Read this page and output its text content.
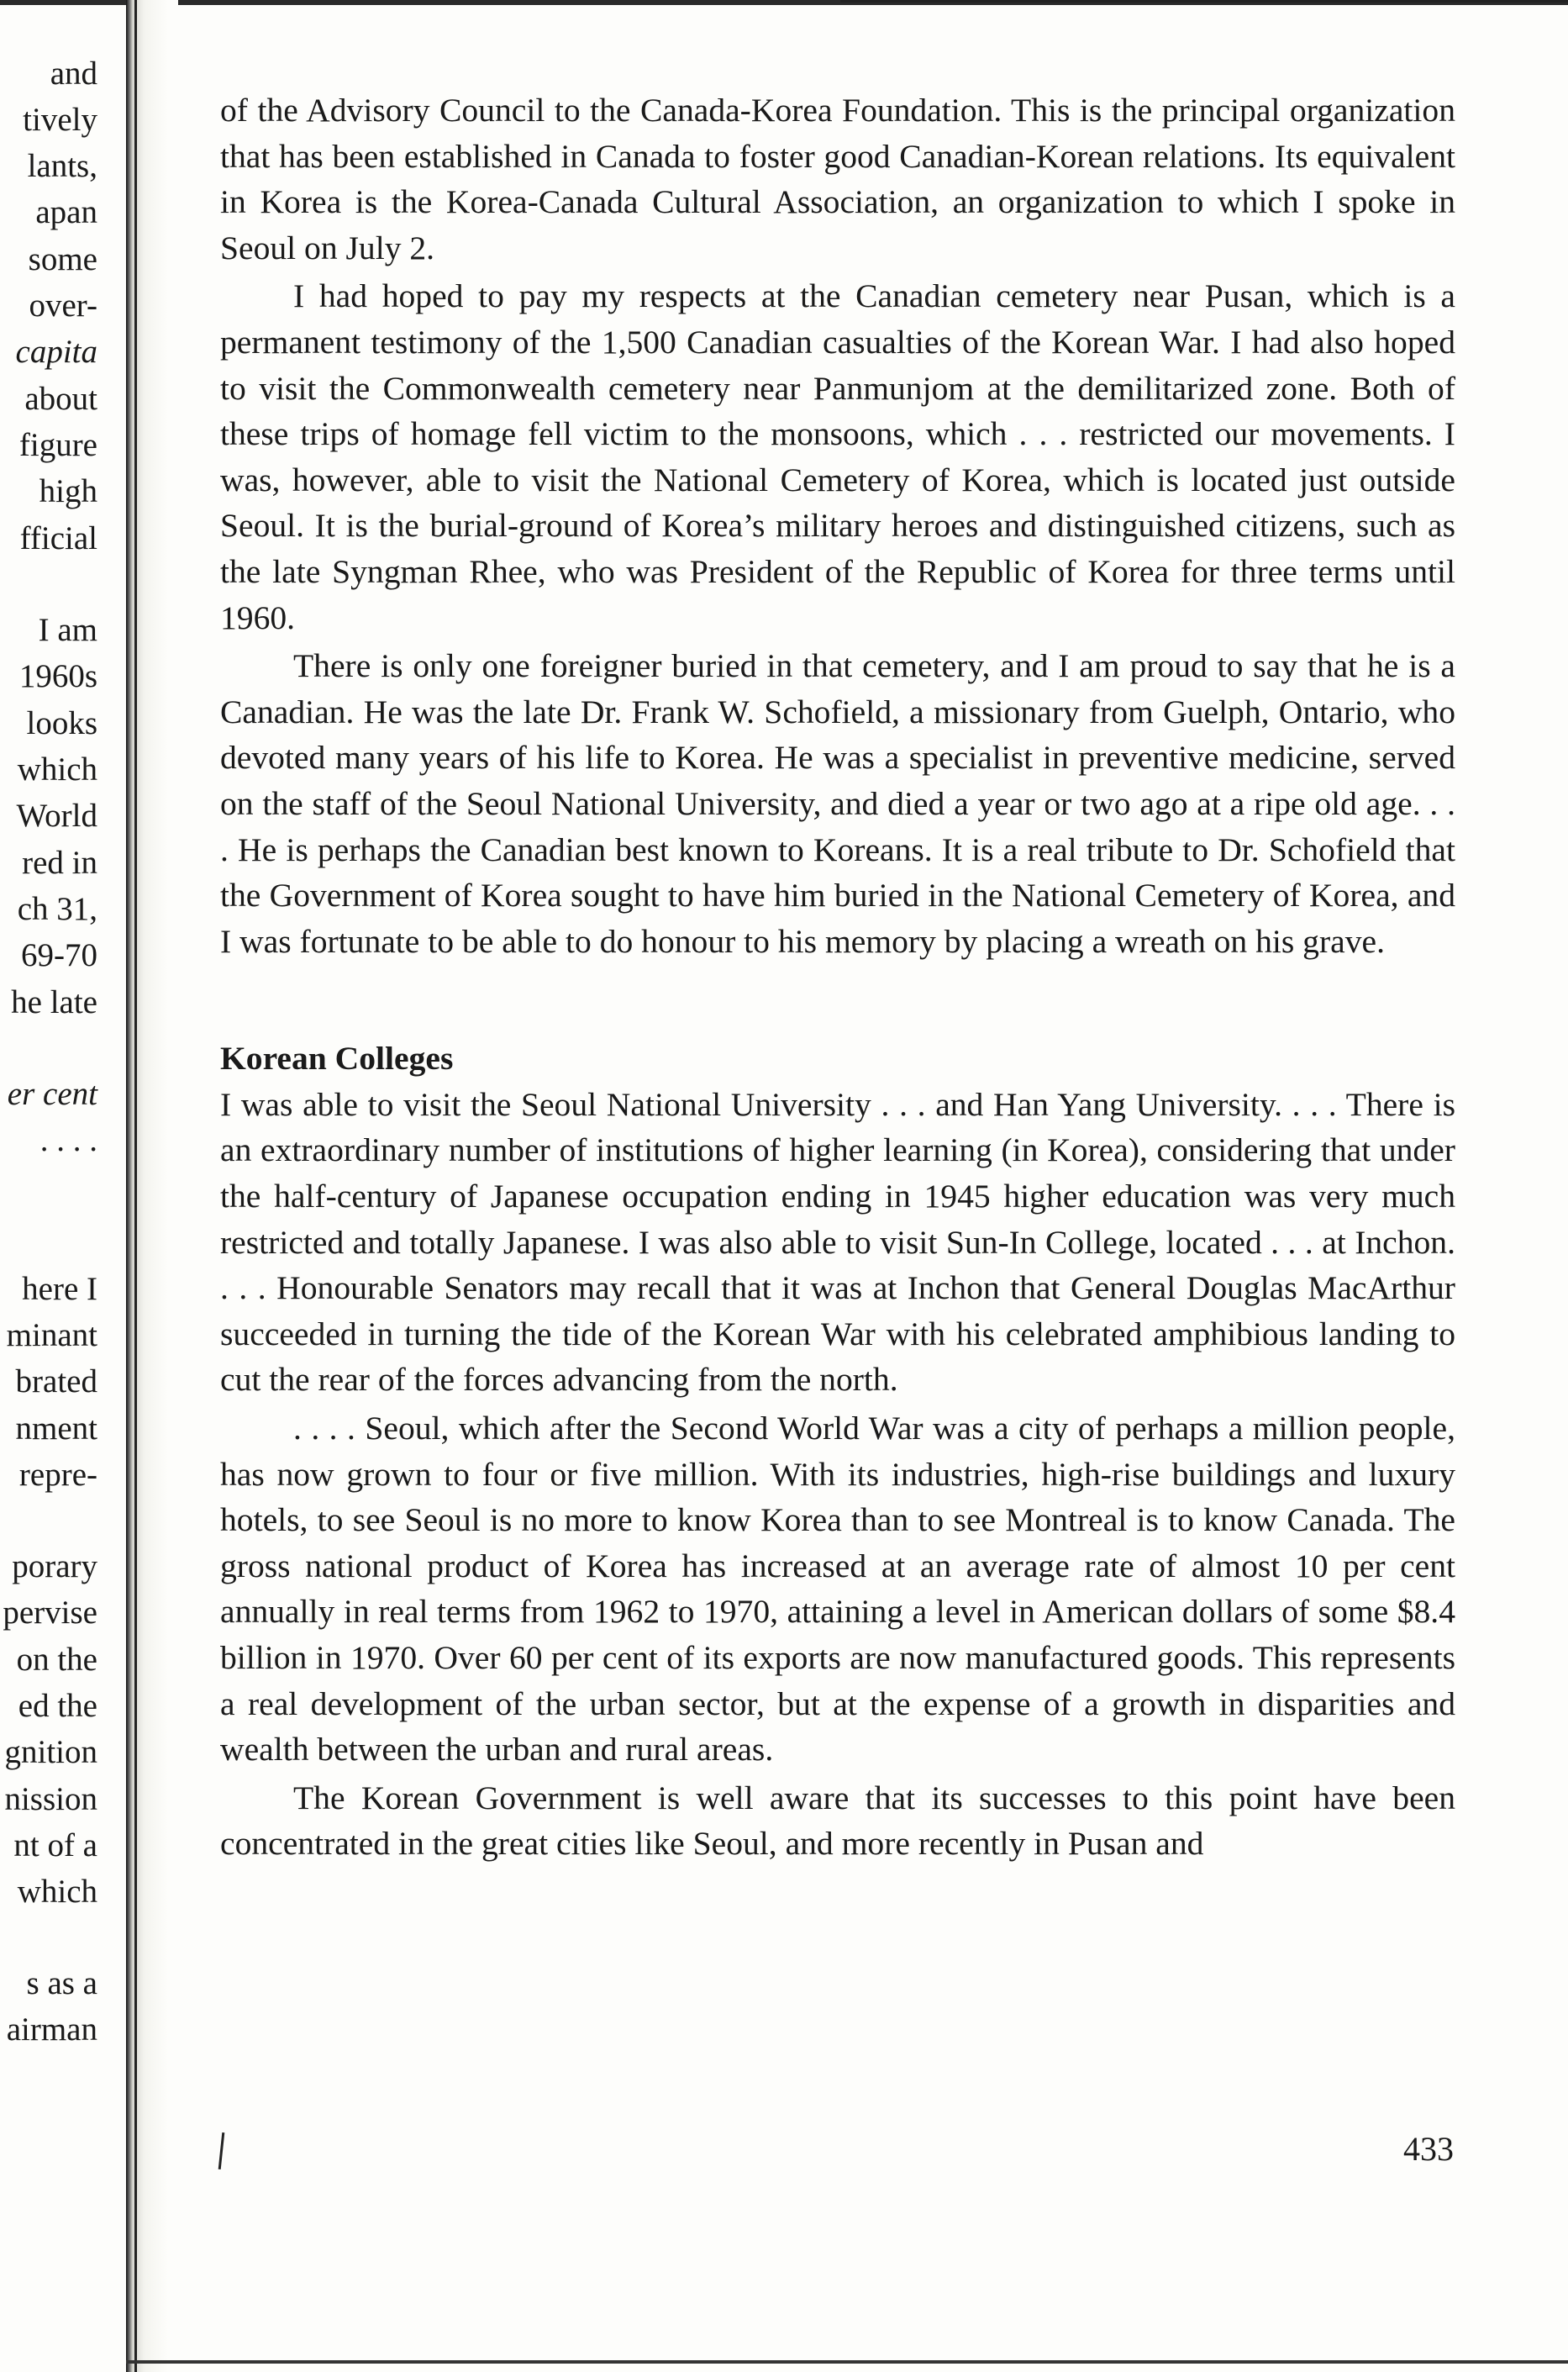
and
tively
lants,
apan
some
over-
capita
about
figure
high
fficial
I am
1960s
looks
which
World
red in
ch 31,
69-70
he late
er cent
. . . .
here I
minant
brated
nment
repre-
porary
pervise
on the
ed the
gnition
nission
nt of a
which
s as a
airman

of the Advisory Council to the Canada-Korea Foundation. This is the principal organization that has been established in Canada to foster good Canadian-Korean relations. Its equivalent in Korea is the Korea-Canada Cultural Association, an organization to which I spoke in Seoul on July 2.

I had hoped to pay my respects at the Canadian cemetery near Pusan, which is a permanent testimony of the 1,500 Canadian casualties of the Korean War. I had also hoped to visit the Commonwealth cemetery near Panmunjom at the demilitarized zone. Both of these trips of homage fell victim to the monsoons, which . . . restricted our movements. I was, however, able to visit the National Cemetery of Korea, which is located just outside Seoul. It is the burial-ground of Korea’s military heroes and distinguished citizens, such as the late Syngman Rhee, who was President of the Republic of Korea for three terms until 1960.

There is only one foreigner buried in that cemetery, and I am proud to say that he is a Canadian. He was the late Dr. Frank W. Schofield, a missionary from Guelph, Ontario, who devoted many years of his life to Korea. He was a specialist in preventive medicine, served on the staff of the Seoul National University, and died a year or two ago at a ripe old age. . . . He is perhaps the Canadian best known to Koreans. It is a real tribute to Dr. Schofield that the Government of Korea sought to have him buried in the National Cemetery of Korea, and I was fortunate to be able to do honour to his memory by placing a wreath on his grave.

Korean Colleges

I was able to visit the Seoul National University . . . and Han Yang University. . . . There is an extraordinary number of institutions of higher learning (in Korea), considering that under the half-century of Japanese occupation ending in 1945 higher education was very much restricted and totally Japanese. I was also able to visit Sun-In College, located . . . at Inchon. . . . Honourable Senators may recall that it was at Inchon that General Douglas MacArthur succeeded in turning the tide of the Korean War with his celebrated amphibious landing to cut the rear of the forces advancing from the north.

. . . . Seoul, which after the Second World War was a city of perhaps a million people, has now grown to four or five million. With its industries, high-rise buildings and luxury hotels, to see Seoul is no more to know Korea than to see Montreal is to know Canada. The gross national product of Korea has increased at an average rate of almost 10 per cent annually in real terms from 1962 to 1970, attaining a level in American dollars of some $8.4 billion in 1970. Over 60 per cent of its exports are now manufactured goods. This represents a real development of the urban sector, but at the expense of a growth in disparities and wealth between the urban and rural areas.

The Korean Government is well aware that its successes to this point have been concentrated in the great cities like Seoul, and more recently in Pusan and

433
